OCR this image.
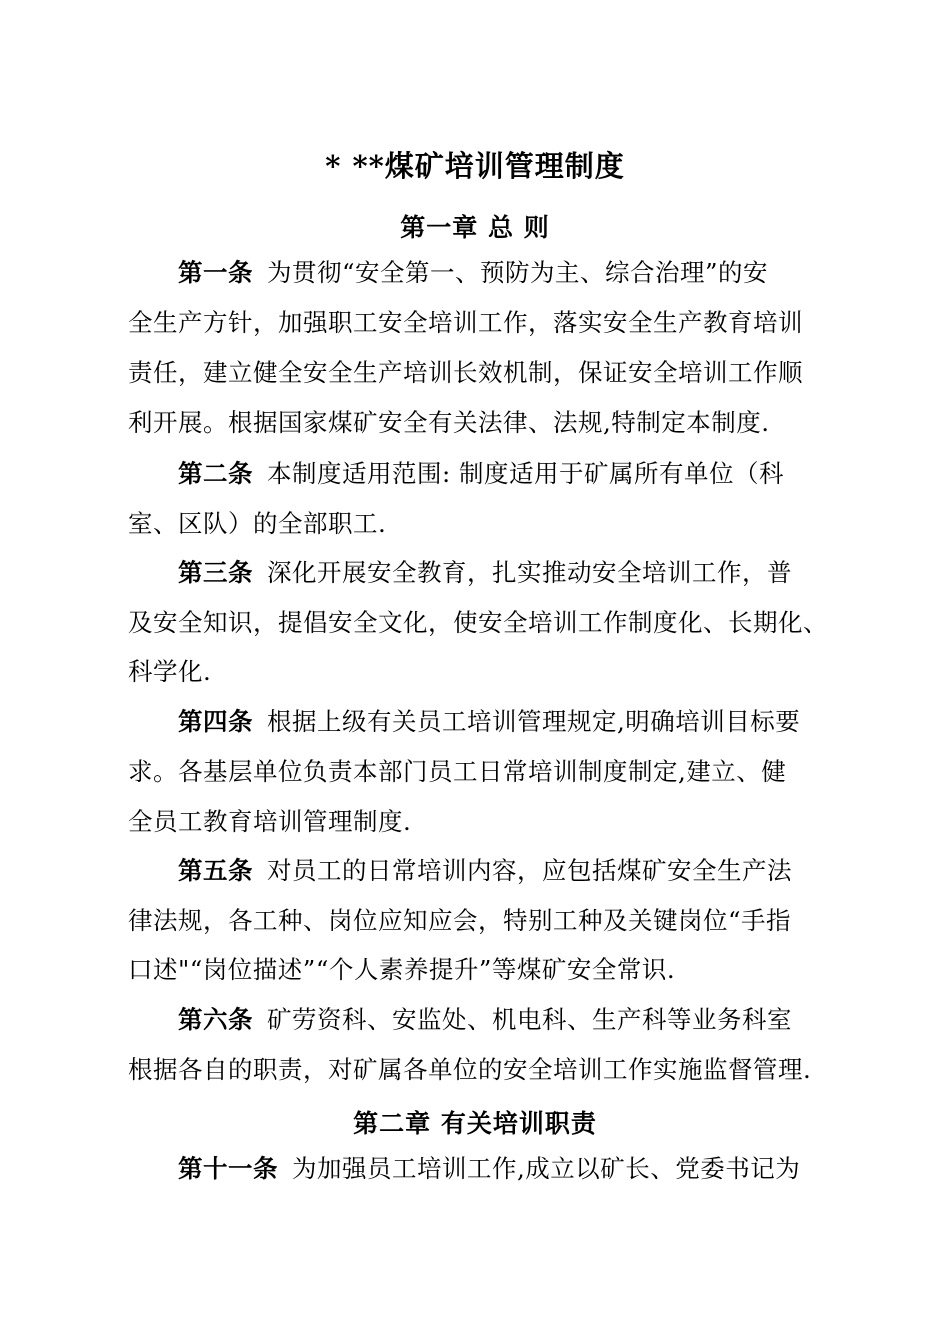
* **煤矿培训管理制度
第一章 总 则
第一条 为贯彻“安全第一、预防为主、综合治理”的安
全生产方针，加强职工安全培训工作，落实安全生产教育培训
责任，建立健全安全生产培训长效机制，保证安全培训工作顺
利开展。根据国家煤矿安全有关法律、法规,特制定本制度.
第二条 本制度适用范围: 制度适用于矿属所有单位（科
室、区队）的全部职工.
第三条 深化开展安全教育，扎实推动安全培训工作，普
及安全知识，提倡安全文化，使安全培训工作制度化、长期化、
科学化.
第四条 根据上级有关员工培训管理规定,明确培训目标要
求。各基层单位负责本部门员工日常培训制度制定,建立、健
全员工教育培训管理制度.
第五条 对员工的日常培训内容，应包括煤矿安全生产法
律法规，各工种、岗位应知应会，特别工种及关键岗位“手指
口述"“岗位描述”“个人素养提升”等煤矿安全常识.
第六条 矿劳资科、安监处、机电科、生产科等业务科室
根据各自的职责，对矿属各单位的安全培训工作实施监督管理.
第二章 有关培训职责
第十一条 为加强员工培训工作,成立以矿长、党委书记为
